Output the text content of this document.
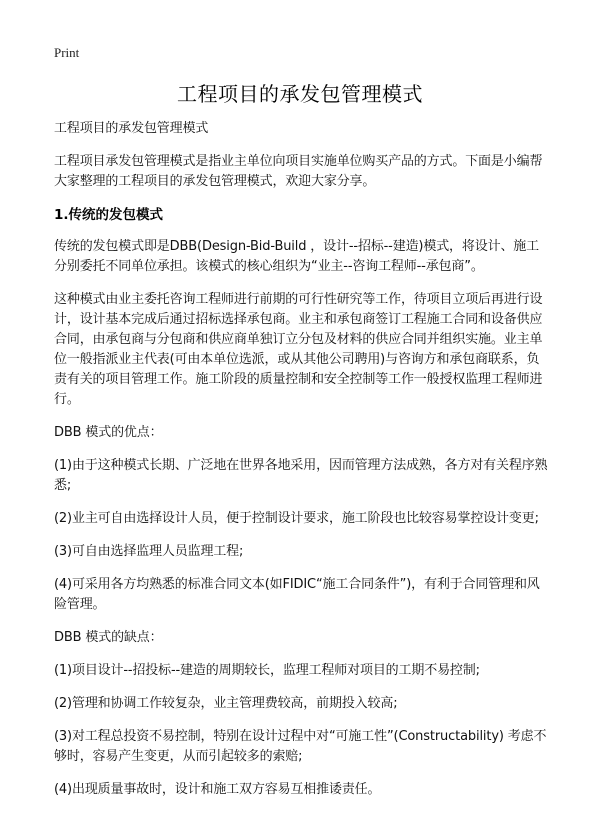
Print
工程项目的承发包管理模式

工程项目的承发包管理模式

工程项目承发包管理模式是指业主单位向项目实施单位购买产品的方式。下面是小编帮大家整理的工程项目的承发包管理模式，欢迎大家分享。

1.传统的发包模式

传统的发包模式即是DBB(Design-Bid-Build ，设计--招标--建造)模式，将设计、施工分别委托不同单位承担。该模式的核心组织为“业主--咨询工程师--承包商”。

这种模式由业主委托咨询工程师进行前期的可行性研究等工作，待项目立项后再进行设计，设计基本完成后通过招标选择承包商。业主和承包商签订工程施工合同和设备供应合同，由承包商与分包商和供应商单独订立分包及材料的供应合同并组织实施。业主单位一般指派业主代表(可由本单位选派，或从其他公司聘用)与咨询方和承包商联系，负责有关的项目管理工作。施工阶段的质量控制和安全控制等工作一般授权监理工程师进行。

DBB 模式的优点：

(1)由于这种模式长期、广泛地在世界各地采用，因而管理方法成熟，各方对有关程序熟悉;

(2)业主可自由选择设计人员，便于控制设计要求，施工阶段也比较容易掌控设计变更;

(3)可自由选择监理人员监理工程;

(4)可采用各方均熟悉的标准合同文本(如FIDIC“施工合同条件”)，有利于合同管理和风险管理。

DBB 模式的缺点：

(1)项目设计--招投标--建造的周期较长，监理工程师对项目的工期不易控制;

(2)管理和协调工作较复杂，业主管理费较高，前期投入较高;

(3)对工程总投资不易控制，特别在设计过程中对“可施工性”(Constructability) 考虑不够时，容易产生变更，从而引起较多的索赔;

(4)出现质量事故时，设计和施工双方容易互相推诿责任。
